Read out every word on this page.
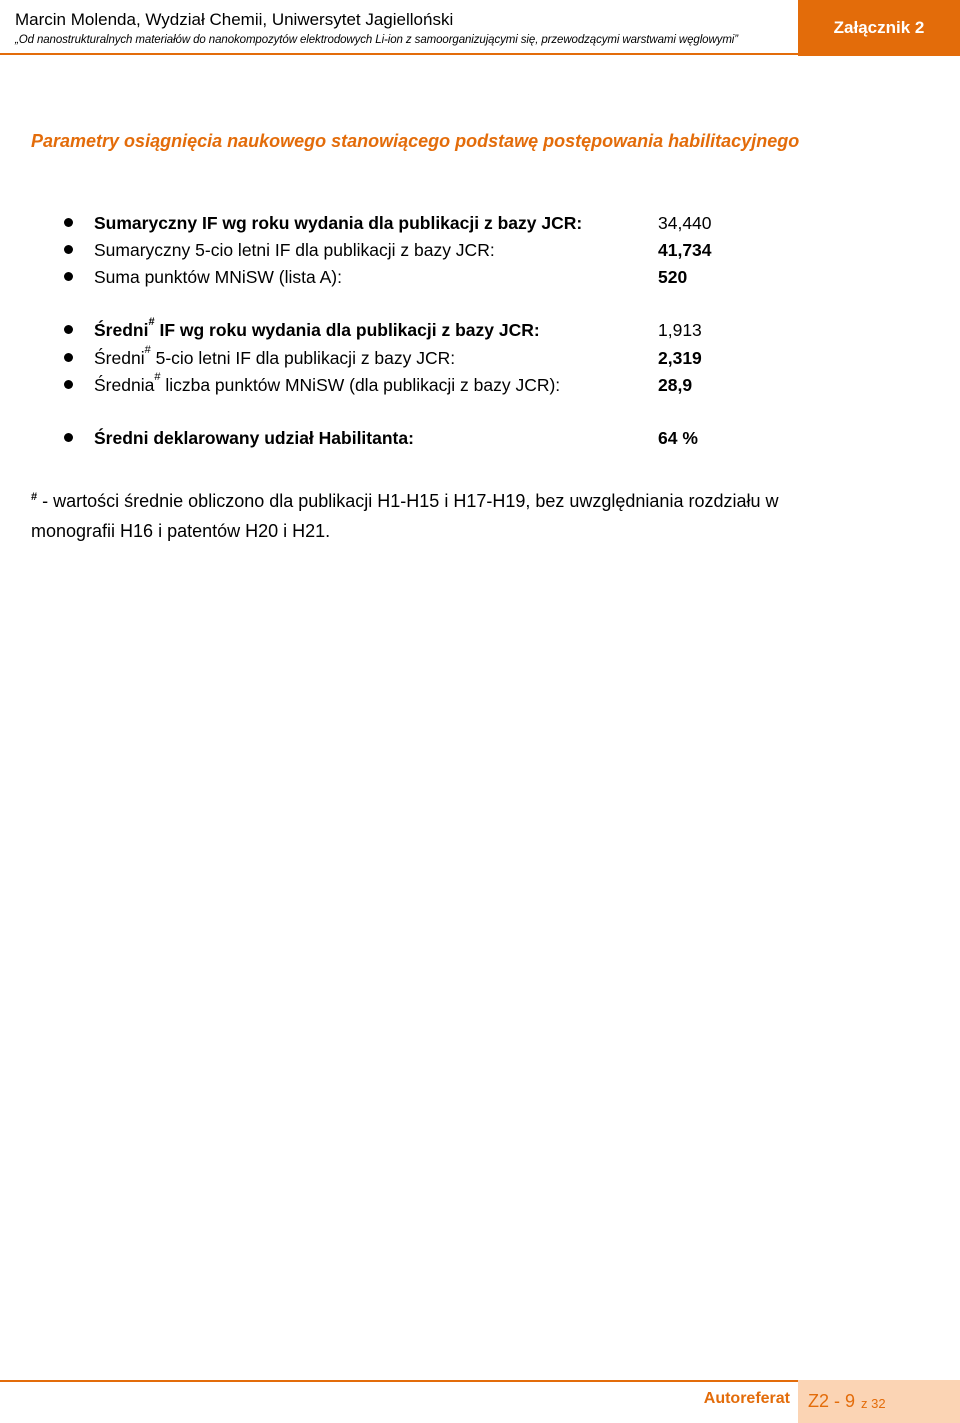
Marcin Molenda, Wydział Chemii, Uniwersytet Jagielloński
„Od nanostrukturalnych materiałów do nanokompozytów elektrodowych Li-ion z samoorganizującymi się, przewodzącymi warstwami węglowymi”
Załącznik 2
Parametry osiągnięcia naukowego stanowiącego podstawę postępowania habilitacyjnego
Sumaryczny IF wg roku wydania dla publikacji z bazy JCR:	34,440
Sumaryczny 5-cio letni IF dla publikacji z bazy JCR:	41,734
Suma punktów MNiSW (lista A):	520
Średni# IF wg roku wydania dla publikacji z bazy JCR:	1,913
Średni# 5-cio letni IF dla publikacji z bazy JCR:	2,319
Średnia# liczba punktów MNiSW (dla publikacji z bazy JCR):	28,9
Średni deklarowany udział Habilitanta:	64 %
# - wartości średnie obliczono dla publikacji H1-H15 i H17-H19, bez uwzględniania rozdziału w monografii H16 i patentów H20 i H21.
Autoreferat Z2 - 9 z 32
